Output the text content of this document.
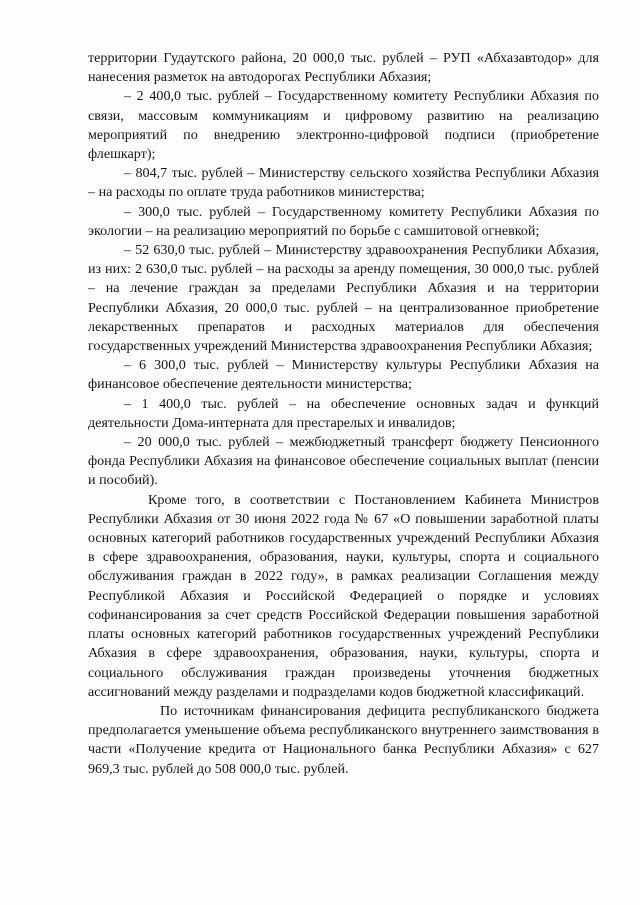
территории Гудаутского района, 20 000,0 тыс. рублей – РУП «Абхазавтодор» для нанесения разметок на автодорогах Республики Абхазия;

– 2 400,0 тыс. рублей – Государственному комитету Республики Абхазия по связи, массовым коммуникациям и цифровому развитию на реализацию мероприятий по внедрению электронно-цифровой подписи (приобретение флешкарт);

– 804,7 тыс. рублей – Министерству сельского хозяйства Республики Абхазия – на расходы по оплате труда работников министерства;

– 300,0 тыс. рублей – Государственному комитету Республики Абхазия по экологии – на реализацию мероприятий по борьбе с самшитовой огневкой;

– 52 630,0 тыс. рублей – Министерству здравоохранения Республики Абхазия, из них: 2 630,0 тыс. рублей – на расходы за аренду помещения, 30 000,0 тыс. рублей – на лечение граждан за пределами Республики Абхазия и на территории Республики Абхазия, 20 000,0 тыс. рублей – на централизованное приобретение лекарственных препаратов и расходных материалов для обеспечения государственных учреждений Министерства здравоохранения Республики Абхазия;

– 6 300,0 тыс. рублей – Министерству культуры Республики Абхазия на финансовое обеспечение деятельности министерства;

– 1 400,0 тыс. рублей – на обеспечение основных задач и функций деятельности Дома-интерната для престарелых и инвалидов;

– 20 000,0 тыс. рублей – межбюджетный трансферт бюджету Пенсионного фонда Республики Абхазия на финансовое обеспечение социальных выплат (пенсии и пособий).

Кроме того, в соответствии с Постановлением Кабинета Министров Республики Абхазия от 30 июня 2022 года № 67 «О повышении заработной платы основных категорий работников государственных учреждений Республики Абхазия в сфере здравоохранения, образования, науки, культуры, спорта и социального обслуживания граждан в 2022 году», в рамках реализации Соглашения между Республикой Абхазия и Российской Федерацией о порядке и условиях софинансирования за счет средств Российской Федерации повышения заработной платы основных категорий работников государственных учреждений Республики Абхазия в сфере здравоохранения, образования, науки, культуры, спорта и социального обслуживания граждан произведены уточнения бюджетных ассигнований между разделами и подразделами кодов бюджетной классификаций.

По источникам финансирования дефицита республиканского бюджета предполагается уменьшение объема республиканского внутреннего заимствования в части «Получение кредита от Национального банка Республики Абхазия» с 627 969,3 тыс. рублей до 508 000,0 тыс. рублей.
